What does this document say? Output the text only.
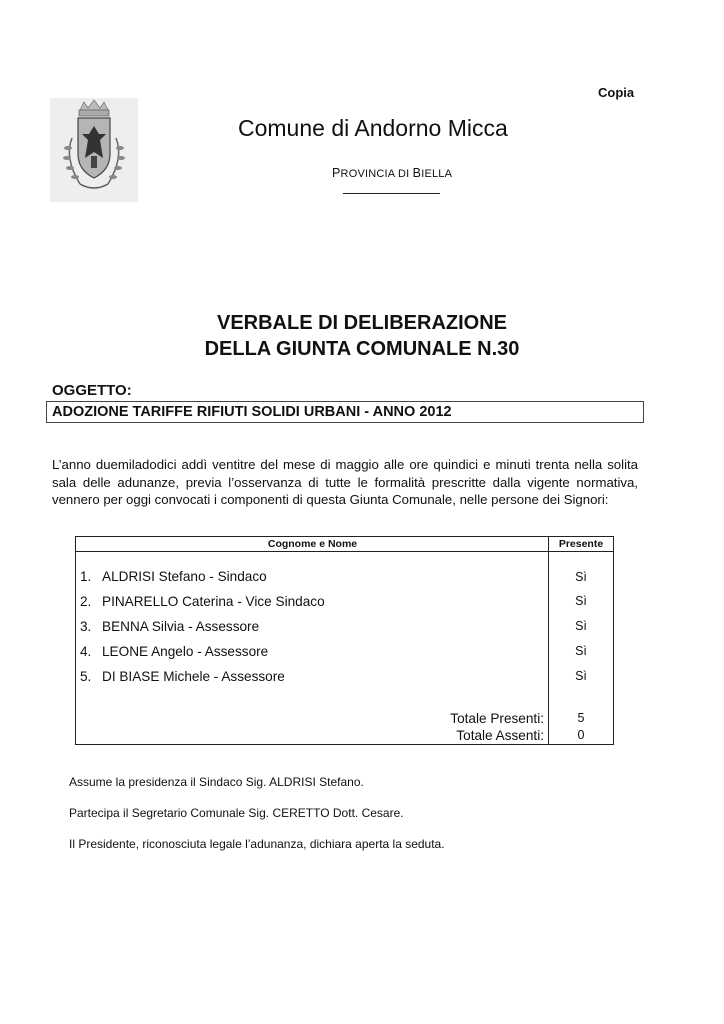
Copia
Comune di Andorno Micca
PROVINCIA DI BIELLA
VERBALE DI DELIBERAZIONE
DELLA GIUNTA COMUNALE N.30
OGGETTO:
ADOZIONE TARIFFE RIFIUTI SOLIDI URBANI - ANNO 2012
L’anno duemiladodici addì ventitre del mese di maggio alle ore quindici e minuti trenta nella solita sala delle adunanze, previa l’osservanza di tutte le formalità prescritte dalla vigente normativa, vennero per oggi convocati i componenti di questa Giunta Comunale, nelle persone dei Signori:
Cognome e Nome	Presente
1. ALDRISI Stefano - Sindaco	Sì
2. PINARELLO Caterina - Vice Sindaco	Sì
3. BENNA Silvia - Assessore	Sì
4. LEONE Angelo - Assessore	Sì
5. DI BIASE Michele - Assessore	Sì
Totale Presenti:	5
Totale Assenti:	0
Assume la presidenza il Sindaco Sig. ALDRISI Stefano.
Partecipa il Segretario Comunale Sig. CERETTO Dott. Cesare.
Il Presidente, riconosciuta legale l’adunanza, dichiara aperta la seduta.
